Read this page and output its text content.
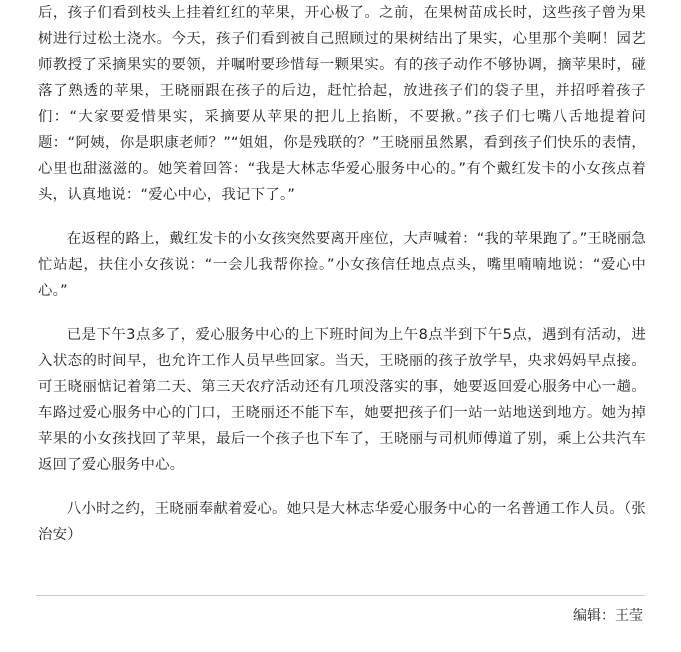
后，孩子们看到枝头上挂着红红的苹果，开心极了。之前，在果树苗成长时，这些孩子曾为果树进行过松土浇水。今天，孩子们看到被自己照顾过的果树结出了果实，心里那个美啊！园艺师教授了采摘果实的要领，并嘱咐要珍惜每一颗果实。有的孩子动作不够协调，摘苹果时，碰落了熟透的苹果，王晓丽跟在孩子的后边，赶忙拾起，放进孩子们的袋子里，并招呼着孩子们：“大家要爱惜果实，采摘要从苹果的把儿上掐断，不要揪。”孩子们七嘴八舌地提着问题：“阿姨，你是职康老师？”“姐姐，你是残联的？”王晓丽虽然累，看到孩子们快乐的表情，心里也甜滋滋的。她笑着回答：“我是大林志华爱心服务中心的。”有个戴红发卡的小女孩点着头，认真地说：“爱心中心，我记下了。”

在返程的路上，戴红发卡的小女孩突然要离开座位，大声喊着：“我的苹果跑了。”王晓丽急忙站起，扶住小女孩说：“一会儿我帮你捡。”小女孩信任地点点头，嘴里喃喃地说：“爱心中心。”

已是下午3点多了，爱心服务中心的上下班时间为上午8点半到下午5点，遇到有活动，进入状态的时间早，也允许工作人员早些回家。当天，王晓丽的孩子放学早，央求妈妈早点接。可王晓丽惦记着第二天、第三天农疗活动还有几项没落实的事，她要返回爱心服务中心一趟。车路过爱心服务中心的门口，王晓丽还不能下车，她要把孩子们一站一站地送到地方。她为掉苹果的小女孩找回了苹果，最后一个孩子也下车了，王晓丽与司机师傅道了别，乘上公共汽车返回了爱心服务中心。

八小时之约，王晓丽奉献着爱心。她只是大林志华爱心服务中心的一名普通工作人员。（张治安）

编辑：王莹
